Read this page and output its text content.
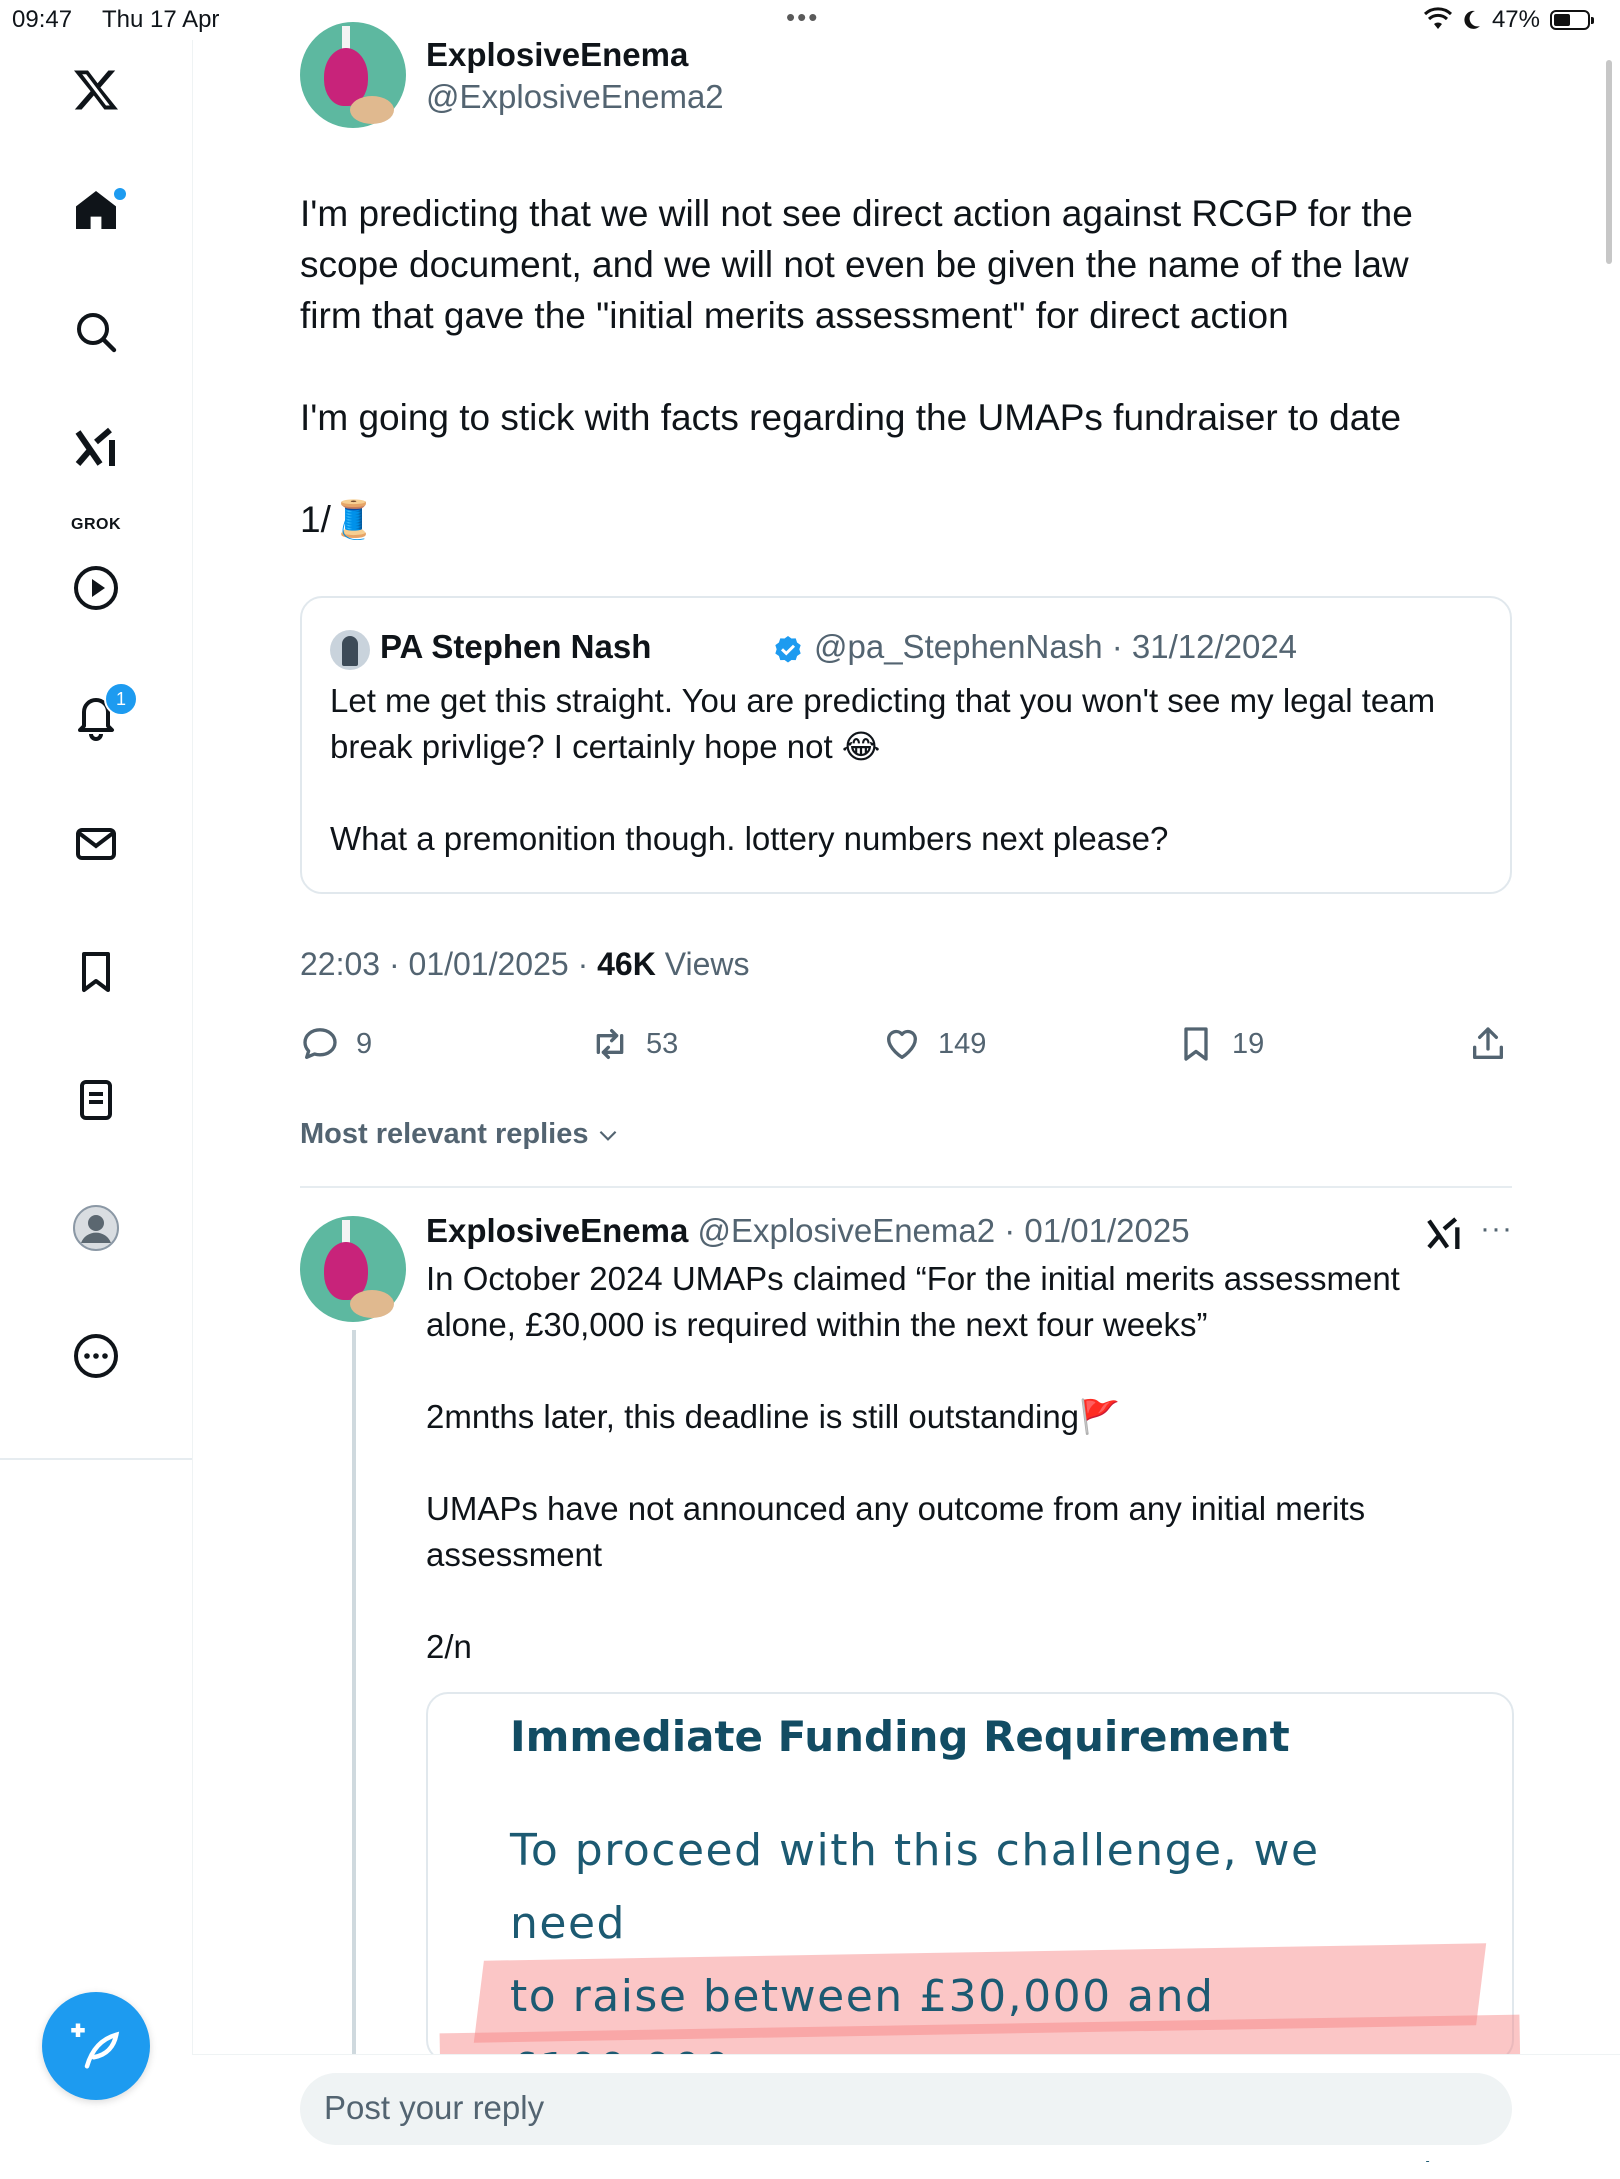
09:47 Thu 17 Apr	•••	47%
GROK
1
ExplosiveEnema
@ExplosiveEnema2
I'm predicting that we will not see direct action against RCGP for the
scope document, and we will not even be given the name of the law
firm that gave the "initial merits assessment" for direct action

I'm going to stick with facts regarding the UMAPs fundraiser to date

1/🧵
PA Stephen Nash	@pa_StephenNash · 31/12/2024
Let me get this straight. You are predicting that you won't see my legal team
break privlige? I certainly hope not 😂

What a premonition though. lottery numbers next please?
22:03 · 01/01/2025 · 46K Views
9	53	149	19
Most relevant replies
ExplosiveEnema @ExplosiveEnema2 · 01/01/2025	···
In October 2024 UMAPs claimed “For the initial merits assessment
alone, £30,000 is required within the next four weeks”

2mnths later, this deadline is still outstanding🚩

UMAPs have not announced any outcome from any initial merits
assessment

2/n
Immediate Funding Requirement
To proceed with this challenge, we need
to raise between £30,000 and

Post your reply
